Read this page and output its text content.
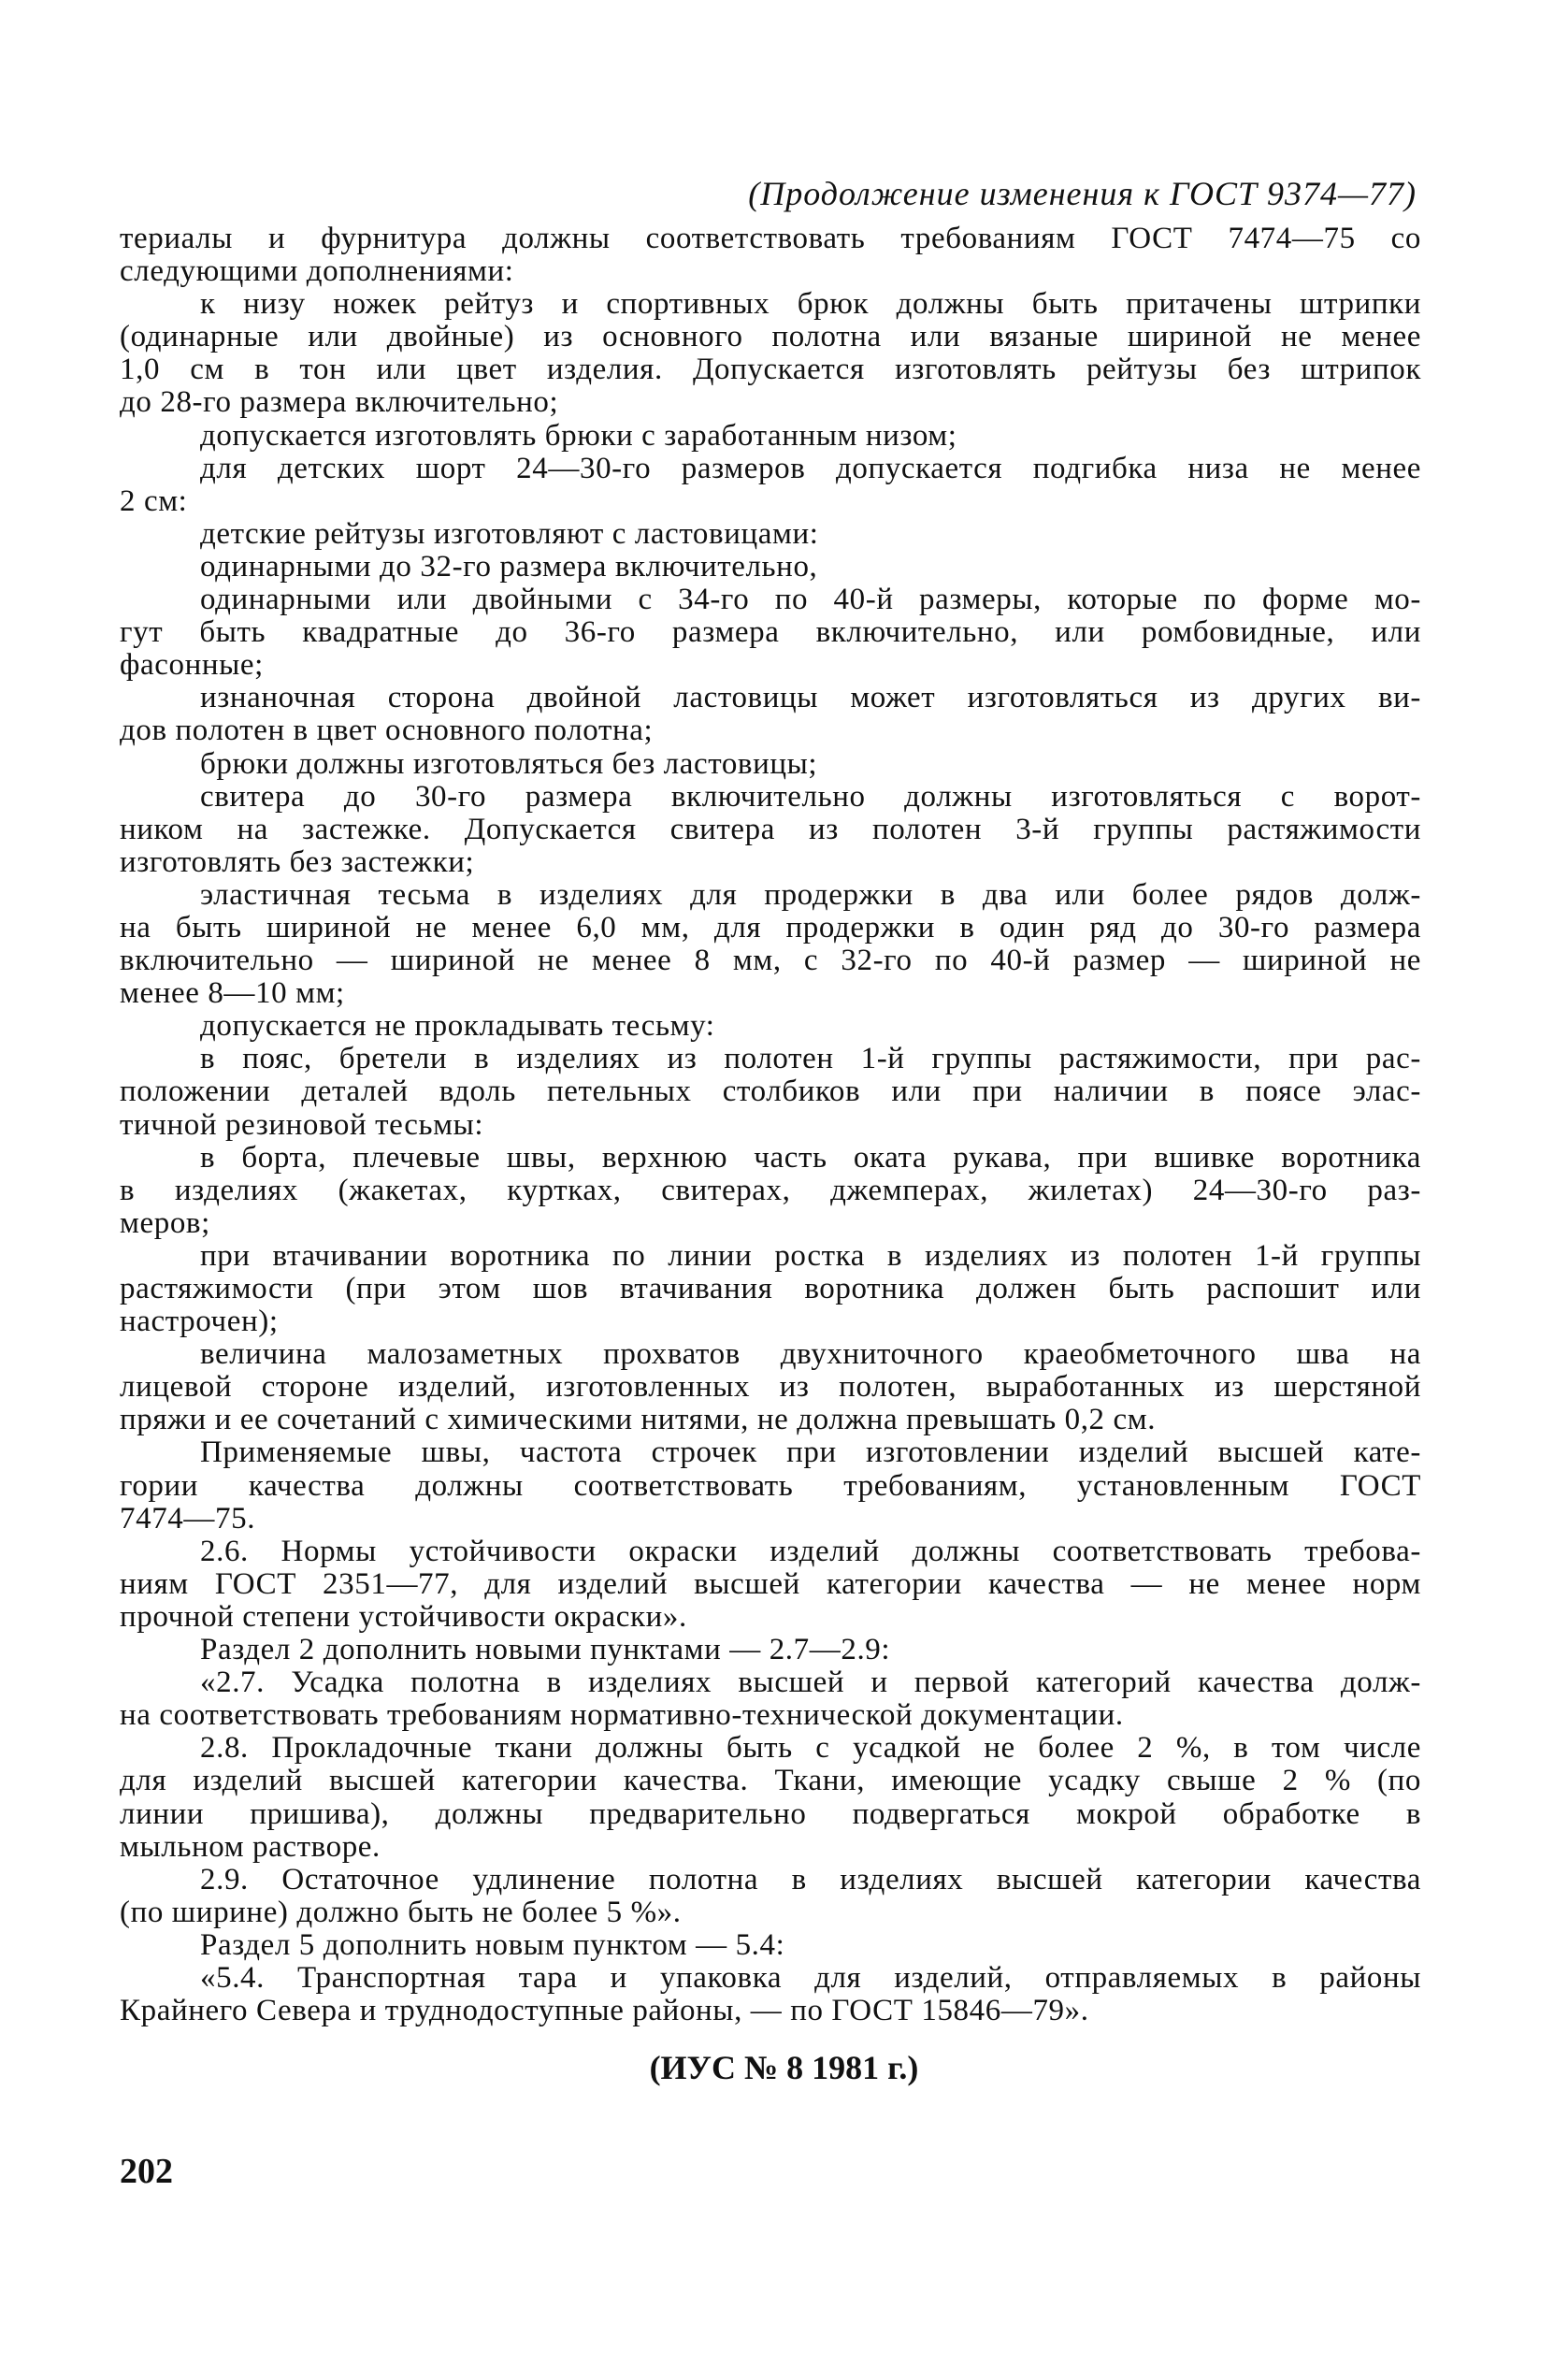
(Продолжение изменения к ГОСТ 9374—77)
териалы и фурнитура должны соответствовать требованиям ГОСТ 7474—75 со
следующими дополнениями:
к низу ножек рейтуз и спортивных брюк должны быть притачены штрипки
(одинарные или двойные) из основного полотна или вязаные шириной не менее
1,0 см в тон или цвет изделия. Допускается изготовлять рейтузы без штрипок
до 28-го размера включительно;
допускается изготовлять брюки с заработанным низом;
для детских шорт 24—30-го размеров допускается подгибка низа не менее
2 см:
детские рейтузы изготовляют с ластовицами:
одинарными до 32-го размера включительно,
одинарными или двойными с 34-го по 40-й размеры, которые по форме мо-
гут быть квадратные до 36-го размера включительно, или ромбовидные, или
фасонные;
изнаночная сторона двойной ластовицы может изготовляться из других ви-
дов полотен в цвет основного полотна;
брюки должны изготовляться без ластовицы;
свитера до 30-го размера включительно должны изготовляться с ворот-
ником на застежке. Допускается свитера из полотен 3-й группы растяжимости
изготовлять без застежки;
эластичная тесьма в изделиях для продержки в два или более рядов долж-
на быть шириной не менее 6,0 мм, для продержки в один ряд до 30-го размера
включительно — шириной не менее 8 мм, с 32-го по 40-й размер — шириной не
менее 8—10 мм;
допускается не прокладывать тесьму:
в пояс, бретели в изделиях из полотен 1-й группы растяжимости, при рас-
положении деталей вдоль петельных столбиков или при наличии в поясе элас-
тичной резиновой тесьмы:
в борта, плечевые швы, верхнюю часть оката рукава, при вшивке воротника
в изделиях (жакетах, куртках, свитерах, джемперах, жилетах) 24—30-го раз-
меров;
при втачивании воротника по линии ростка в изделиях из полотен 1-й группы
растяжимости (при этом шов втачивания воротника должен быть распошит или
настрочен);
величина малозаметных прохватов двухниточного краеобметочного шва на
лицевой стороне изделий, изготовленных из полотен, выработанных из шерстяной
пряжи и ее сочетаний с химическими нитями, не должна превышать 0,2 см.
Применяемые швы, частота строчек при изготовлении изделий высшей кате-
гории качества должны соответствовать требованиям, установленным ГОСТ
7474—75.
2.6. Нормы устойчивости окраски изделий должны соответствовать требова-
ниям ГОСТ 2351—77, для изделий высшей категории качества — не менее норм
прочной степени устойчивости окраски».
Раздел 2 дополнить новыми пунктами — 2.7—2.9:
«2.7. Усадка полотна в изделиях высшей и первой категорий качества долж-
на соответствовать требованиям нормативно-технической документации.
2.8. Прокладочные ткани должны быть с усадкой не более 2 %, в том числе
для изделий высшей категории качества. Ткани, имеющие усадку свыше 2 % (по
линии пришива), должны предварительно подвергаться мокрой обработке в
мыльном растворе.
2.9. Остаточное удлинение полотна в изделиях высшей категории качества
(по ширине) должно быть не более 5 %».
Раздел 5 дополнить новым пунктом — 5.4:
«5.4. Транспортная тара и упаковка для изделий, отправляемых в районы
Крайнего Севера и труднодоступные районы, — по ГОСТ 15846—79».
(ИУС № 8 1981 г.)
202
